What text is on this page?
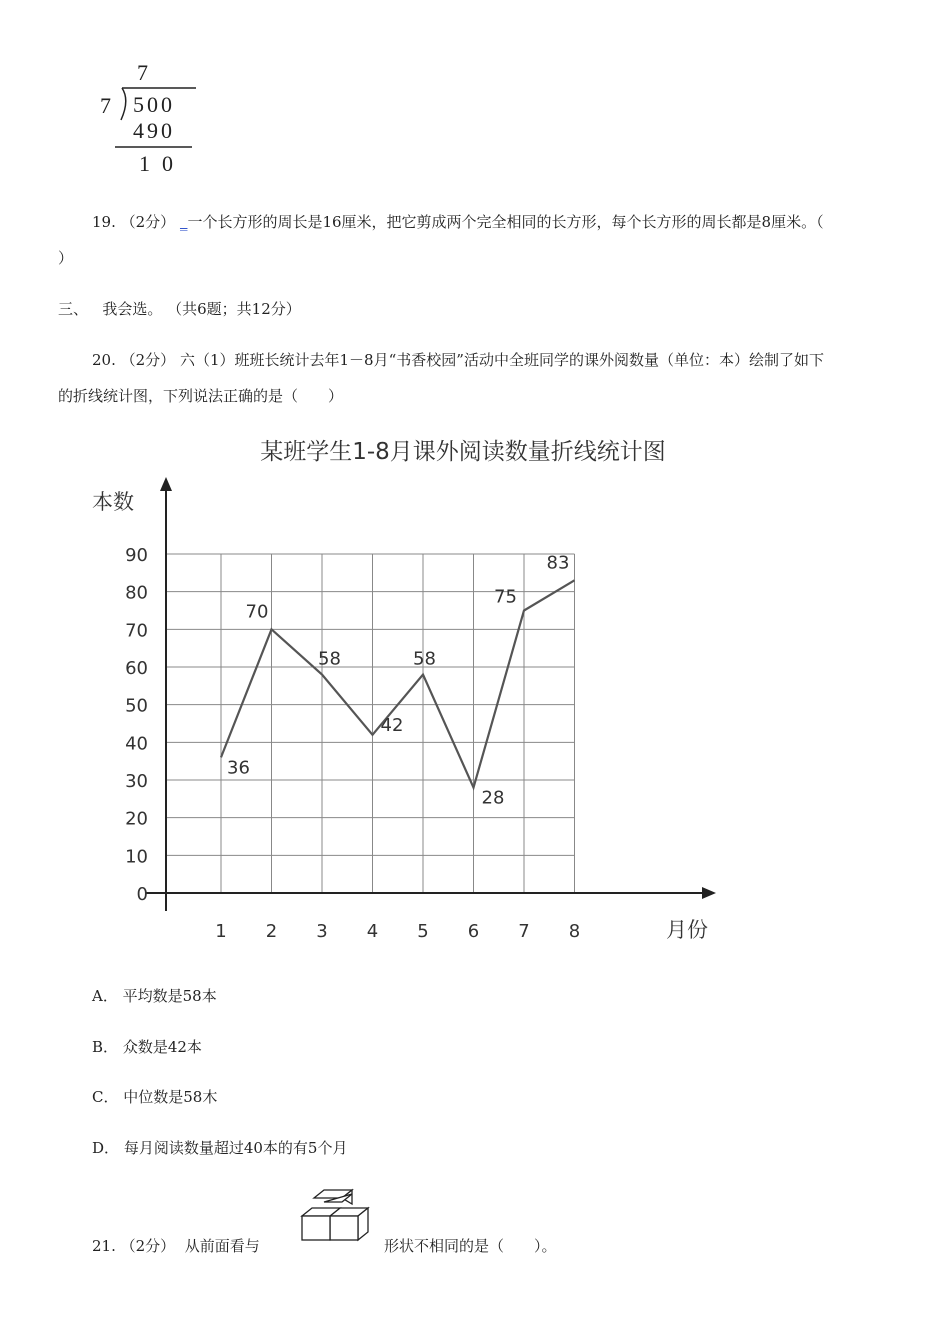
7
7 500
490
10
19. （2分） _一个长方形的周长是16厘米，把它剪成两个完全相同的长方形，每个长方形的周长都是8厘米。（
）
三、 我会选。 （共6题；共12分）
20. （2分） 六（1）班班长统计去年1－8月“书香校园”活动中全班同学的课外阅数量（单位：本）绘制了如下
的折线统计图，下列说法正确的是（　　）
某班学生1-8月课外阅读数量折线统计图
本数
月份
0
10
20
30
40
50
60
70
80
90
1 2 3 4 5 6 7 8
36
70
58
42
58
28
75
83
A． 平均数是58本
B． 众数是42本
C． 中位数是58木
D． 每月阅读数量超过40本的有5个月
21. （2分） 从前面看与	形状不相同的是（　　）。
